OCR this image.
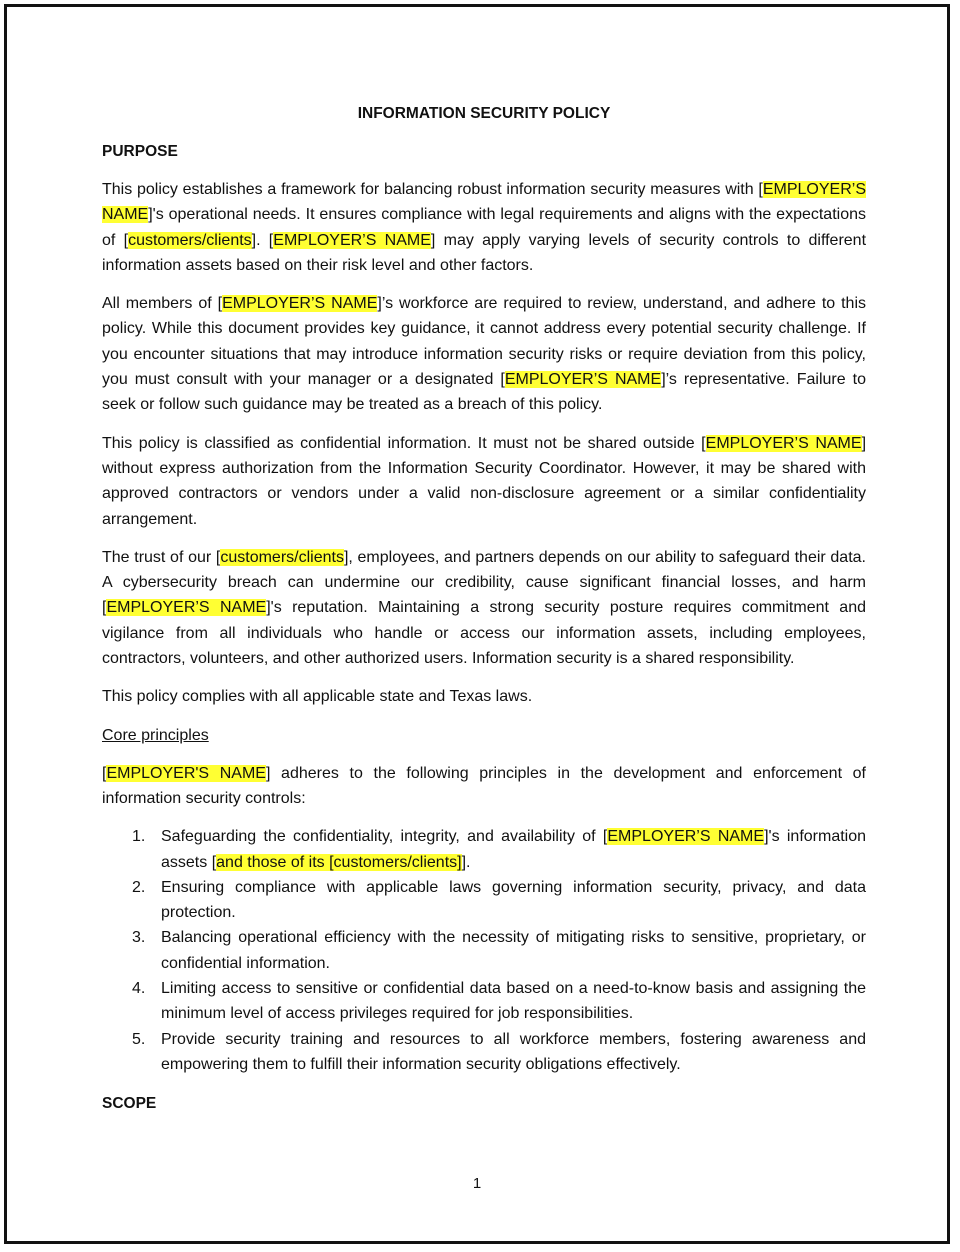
INFORMATION SECURITY POLICY
PURPOSE

This policy establishes a framework for balancing robust information security measures with [EMPLOYER’S NAME]'s operational needs. It ensures compliance with legal requirements and aligns with the expectations of [customers/clients]. [EMPLOYER’S NAME] may apply varying levels of security controls to different information assets based on their risk level and other factors.

All members of [EMPLOYER’S NAME]’s workforce are required to review, understand, and adhere to this policy. While this document provides key guidance, it cannot address every potential security challenge. If you encounter situations that may introduce information security risks or require deviation from this policy, you must consult with your manager or a designated [EMPLOYER’S NAME]’s representative. Failure to seek or follow such guidance may be treated as a breach of this policy.

This policy is classified as confidential information. It must not be shared outside [EMPLOYER’S NAME] without express authorization from the Information Security Coordinator. However, it may be shared with approved contractors or vendors under a valid non-disclosure agreement or a similar confidentiality arrangement.

The trust of our [customers/clients], employees, and partners depends on our ability to safeguard their data. A cybersecurity breach can undermine our credibility, cause significant financial losses, and harm [EMPLOYER’S NAME]'s reputation. Maintaining a strong security posture requires commitment and vigilance from all individuals who handle or access our information assets, including employees, contractors, volunteers, and other authorized users. Information security is a shared responsibility.

This policy complies with all applicable state and Texas laws.

Core principles

[EMPLOYER'S NAME] adheres to the following principles in the development and enforcement of information security controls:

1. Safeguarding the confidentiality, integrity, and availability of [EMPLOYER’S NAME]'s information assets [and those of its [customers/clients]].
2. Ensuring compliance with applicable laws governing information security, privacy, and data protection.
3. Balancing operational efficiency with the necessity of mitigating risks to sensitive, proprietary, or confidential information.
4. Limiting access to sensitive or confidential data based on a need-to-know basis and assigning the minimum level of access privileges required for job responsibilities.
5. Provide security training and resources to all workforce members, fostering awareness and empowering them to fulfill their information security obligations effectively.
SCOPE
1
